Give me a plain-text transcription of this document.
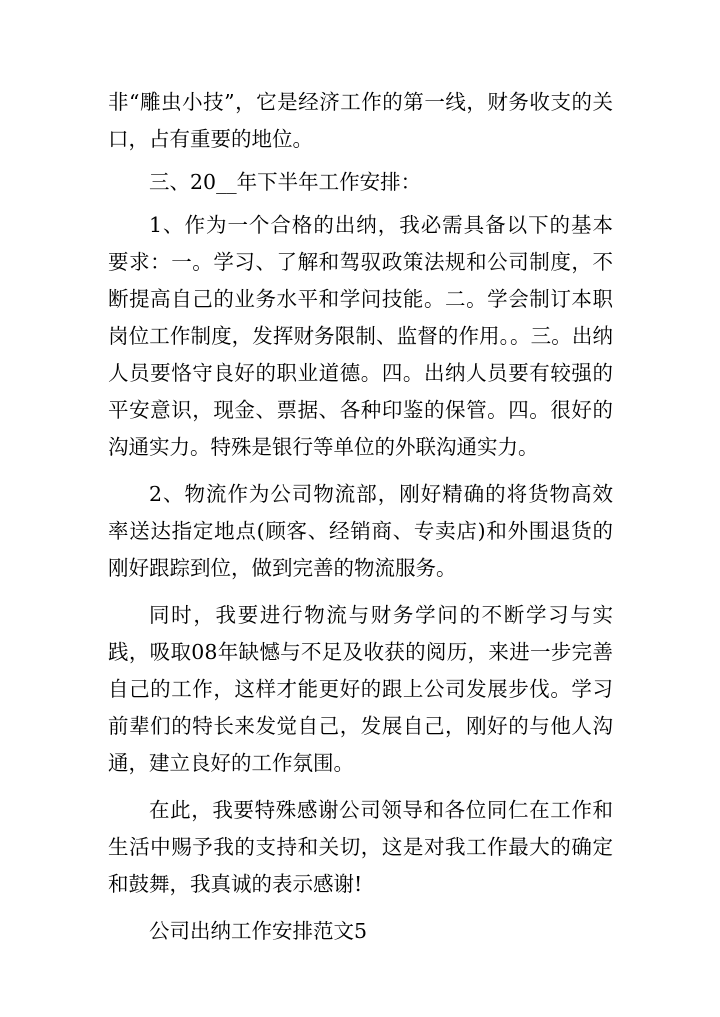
非“雕虫小技”，它是经济工作的第一线，财务收支的关口，占有重要的地位。

三、20__年下半年工作安排：

1、作为一个合格的出纳，我必需具备以下的基本要求：一。学习、了解和驾驭政策法规和公司制度，不断提高自己的业务水平和学问技能。二。学会制订本职岗位工作制度，发挥财务限制、监督的作用。。三。出纳人员要恪守良好的职业道德。四。出纳人员要有较强的平安意识，现金、票据、各种印鉴的保管。四。很好的沟通实力。特殊是银行等单位的外联沟通实力。

2、物流作为公司物流部，刚好精确的将货物高效率送达指定地点(顾客、经销商、专卖店)和外围退货的刚好跟踪到位，做到完善的物流服务。

同时，我要进行物流与财务学问的不断学习与实践，吸取08年缺憾与不足及收获的阅历，来进一步完善自己的工作，这样才能更好的跟上公司发展步伐。学习前辈们的特长来发觉自己，发展自己，刚好的与他人沟通，建立良好的工作氛围。

在此，我要特殊感谢公司领导和各位同仁在工作和生活中赐予我的支持和关切，这是对我工作最大的确定和鼓舞，我真诚的表示感谢!

公司出纳工作安排范文5
